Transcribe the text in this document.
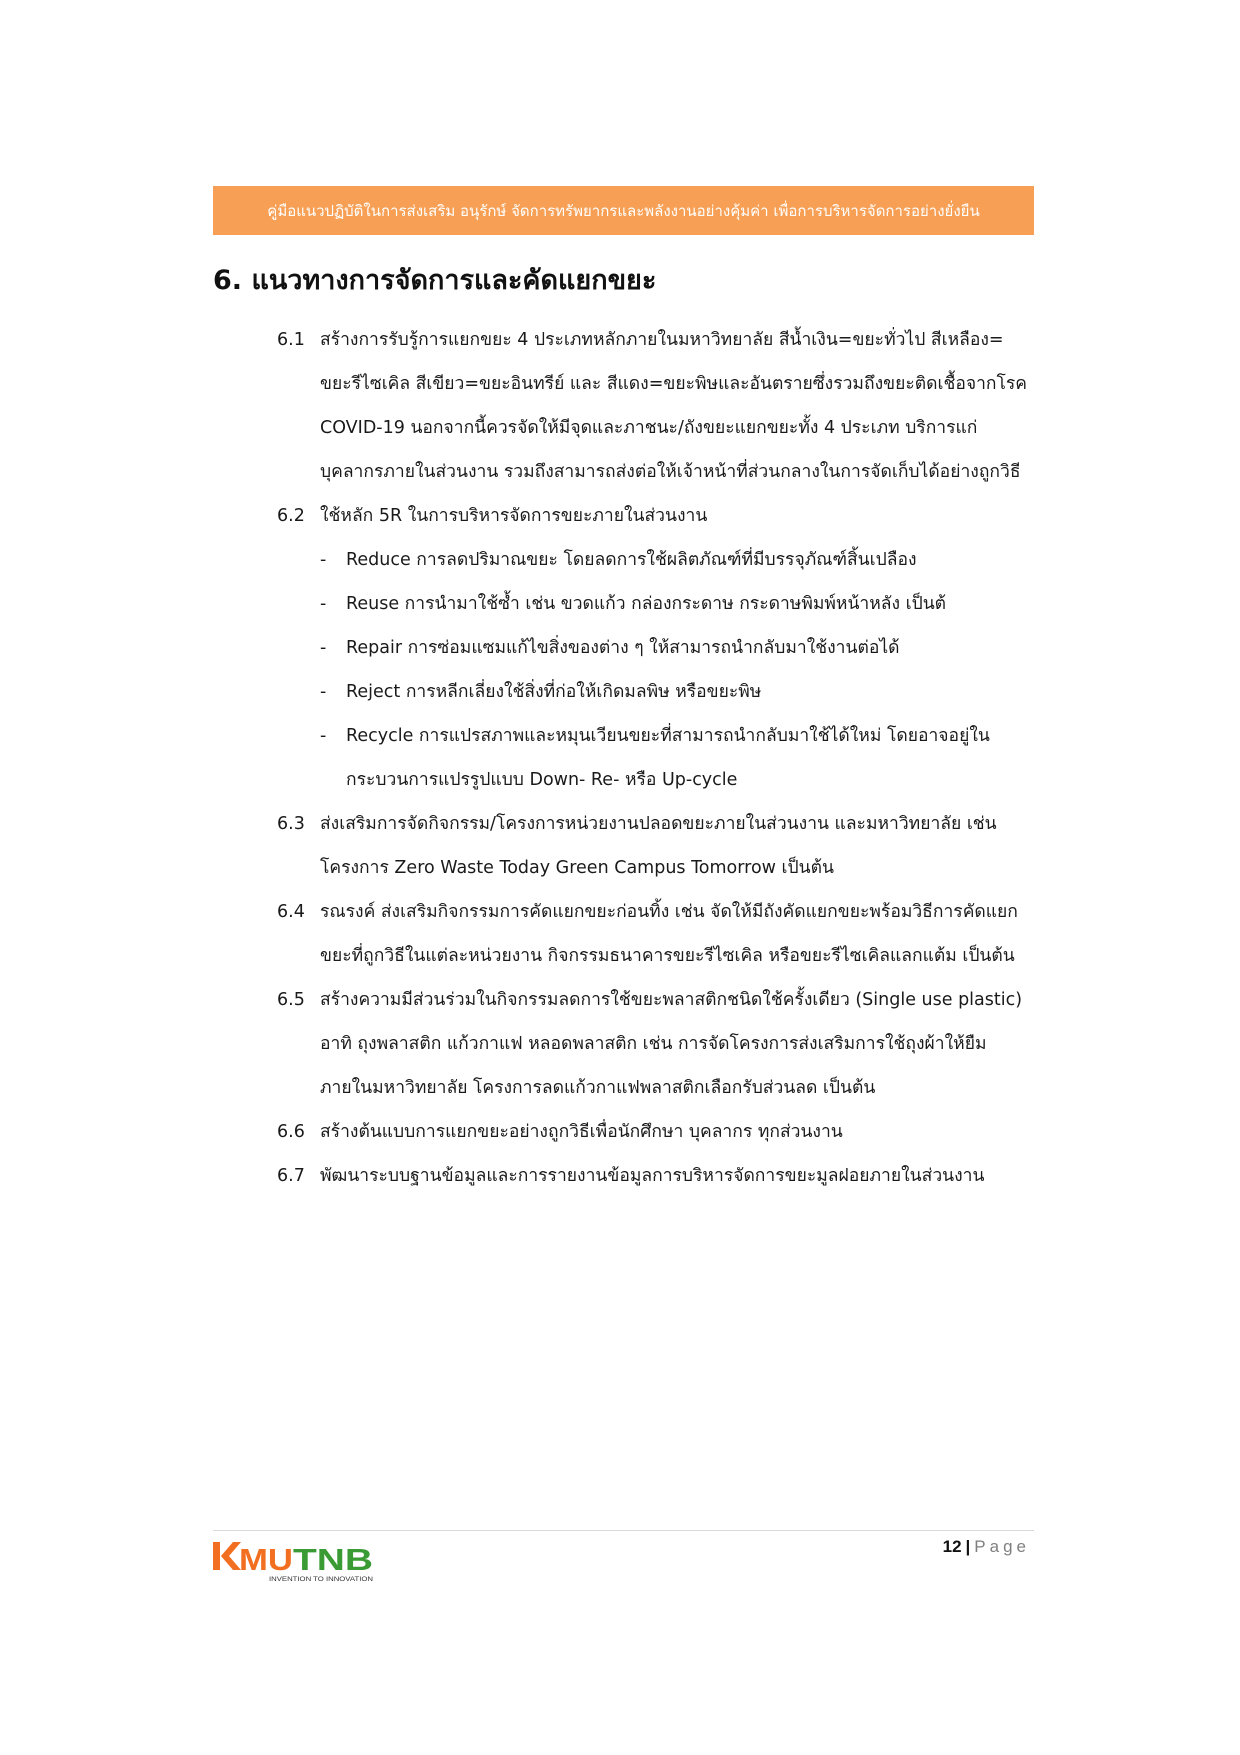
คู่มือแนวปฏิบัติในการส่งเสริม อนุรักษ์ จัดการทรัพยากรและพลังงานอย่างคุ้มค่า เพื่อการบริหารจัดการอย่างยั่งยืน
6. แนวทางการจัดการและคัดแยกขยะ
6.1 สร้างการรับรู้การแยกขยะ 4 ประเภทหลักภายในมหาวิทยาลัย สีน้ำเงิน=ขยะทั่วไป สีเหลือง= ขยะรีไซเคิล สีเขียว=ขยะอินทรีย์ และ สีแดง=ขยะพิษและอันตรายซึ่งรวมถึงขยะติดเชื้อจากโรค COVID-19 นอกจากนี้ควรจัดให้มีจุดและภาชนะ/ถังขยะแยกขยะทั้ง 4 ประเภท บริการแก่บุคลากรภายในส่วนงาน รวมถึงสามารถส่งต่อให้เจ้าหน้าที่ส่วนกลางในการจัดเก็บได้อย่างถูกวิธี
6.2 ใช้หลัก 5R ในการบริหารจัดการขยะภายในส่วนงาน
-	Reduce การลดปริมาณขยะ โดยลดการใช้ผลิตภัณฑ์ที่มีบรรจุภัณฑ์สิ้นเปลือง
-	Reuse การนำมาใช้ซ้ำ เช่น ขวดแก้ว กล่องกระดาษ กระดาษพิมพ์หน้าหลัง เป็นต้
-	Repair การซ่อมแซมแก้ไขสิ่งของต่าง ๆ ให้สามารถนำกลับมาใช้งานต่อได้
-	Reject การหลีกเลี่ยงใช้สิ่งที่ก่อให้เกิดมลพิษ หรือขยะพิษ
-	Recycle การแปรสภาพและหมุนเวียนขยะที่สามารถนำกลับมาใช้ได้ใหม่ โดยอาจอยู่ในกระบวนการแปรรูปแบบ Down- Re- หรือ Up-cycle
6.3 ส่งเสริมการจัดกิจกรรม/โครงการหน่วยงานปลอดขยะภายในส่วนงาน และมหาวิทยาลัย เช่น โครงการ Zero Waste Today Green Campus Tomorrow เป็นต้น
6.4 รณรงค์ ส่งเสริมกิจกรรมการคัดแยกขยะก่อนทิ้ง เช่น จัดให้มีถังคัดแยกขยะพร้อมวิธีการคัดแยกขยะที่ถูกวิธีในแต่ละหน่วยงาน กิจกรรมธนาคารขยะรีไซเคิล หรือขยะรีไซเคิลแลกแต้ม เป็นต้น
6.5 สร้างความมีส่วนร่วมในกิจกรรมลดการใช้ขยะพลาสติกชนิดใช้ครั้งเดียว (Single use plastic) อาทิ ถุงพลาสติก แก้วกาแฟ หลอดพลาสติก เช่น การจัดโครงการส่งเสริมการใช้ถุงผ้าให้ยืมภายในมหาวิทยาลัย โครงการลดแก้วกาแฟพลาสติกเลือกรับส่วนลด เป็นต้น
6.6 สร้างต้นแบบการแยกขยะอย่างถูกวิธีเพื่อนักศึกษา บุคลากร ทุกส่วนงาน
6.7 พัฒนาระบบฐานข้อมูลและการรายงานข้อมูลการบริหารจัดการขยะมูลฝอยภายในส่วนงาน
MU TNB
INVENTION TO INNOVATION
12 | Page
